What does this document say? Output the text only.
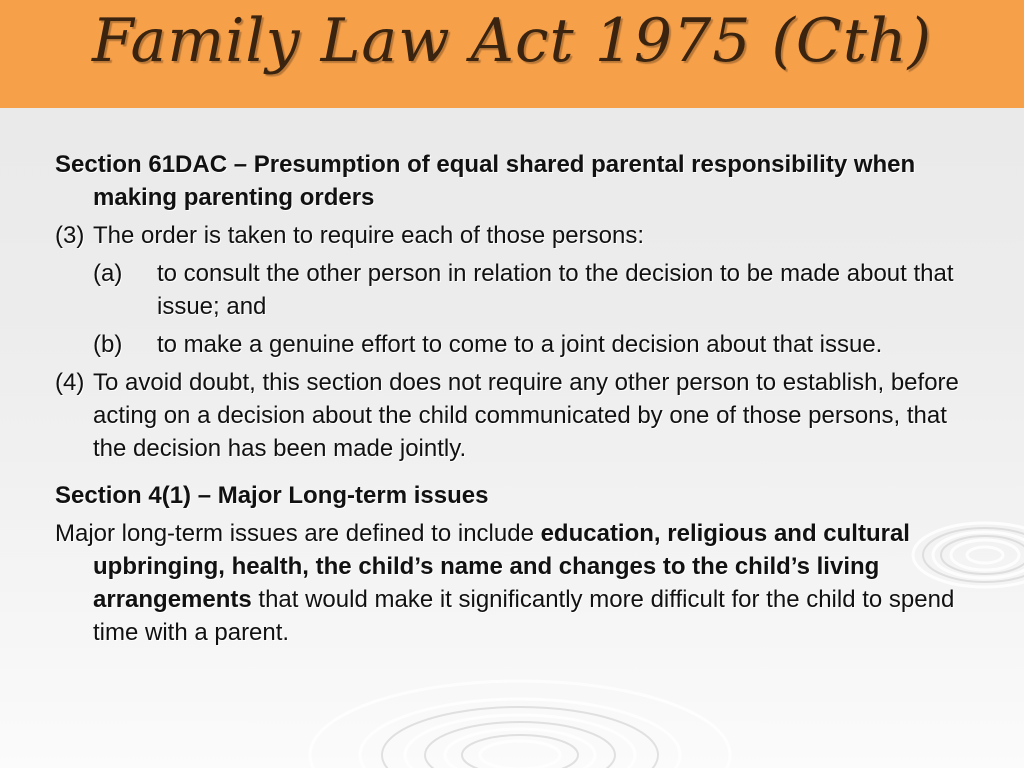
Family Law Act 1975 (Cth)

Section 61DAC – Presumption of equal shared parental responsibility when making parenting orders

(3) The order is taken to require each of those persons:
(a) to consult the other person in relation to the decision to be made about that issue; and
(b) to make a genuine effort to come to a joint decision about that issue.
(4) To avoid doubt, this section does not require any other person to establish, before acting on a decision about the child communicated by one of those persons, that the decision has been made jointly.

Section 4(1) – Major Long-term issues

Major long-term issues are defined to include education, religious and cultural upbringing, health, the child’s name and changes to the child’s living arrangements that would make it significantly more difficult for the child to spend time with a parent.
